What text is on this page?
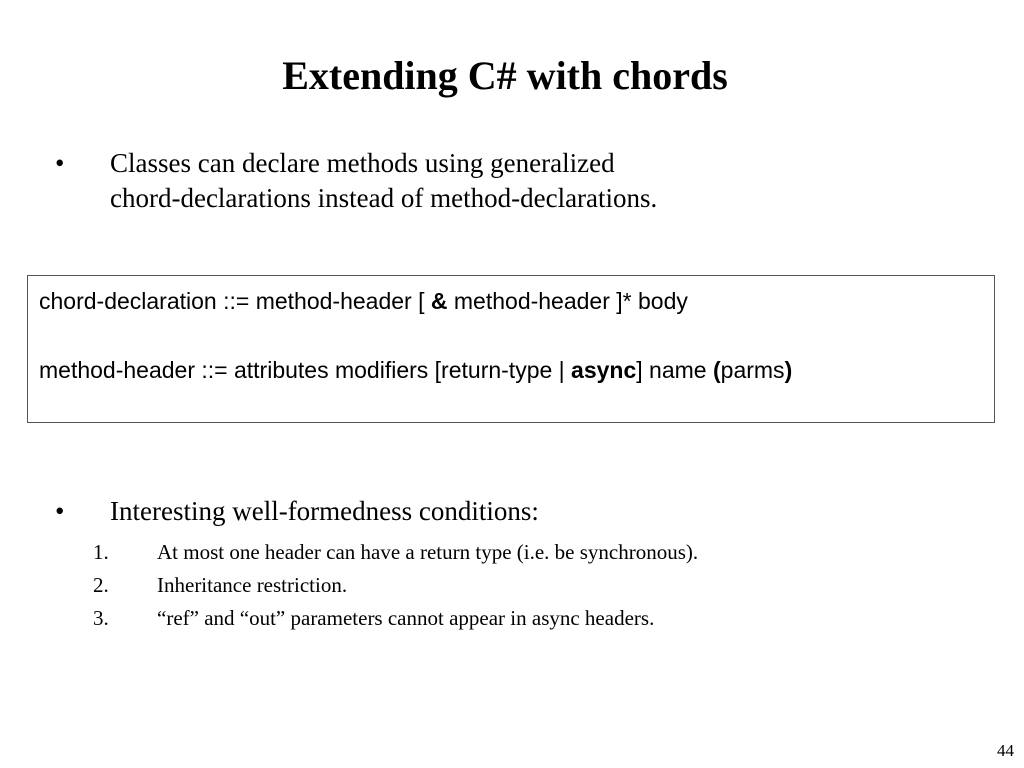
Extending C# with chords
•	Classes can declare methods using generalized
chord-declarations instead of method-declarations.
chord-declaration ::= method-header [ & method-header ]* body
method-header ::= attributes modifiers [return-type | async] name (parms)
•	Interesting well-formedness conditions:
1. At most one header can have a return type (i.e. be synchronous).
2. Inheritance restriction.
3. “ref” and “out” parameters cannot appear in async headers.
44
